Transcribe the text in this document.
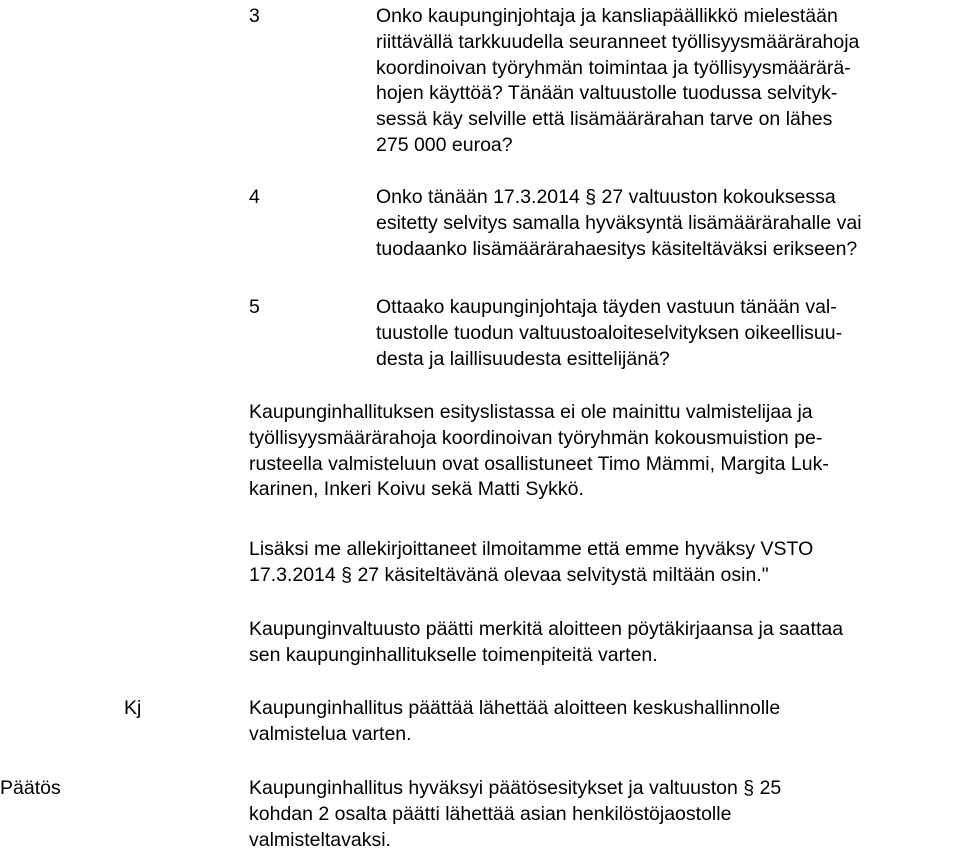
3	Onko kaupunginjohtaja ja kansliapäällikkö mielestään
riittävällä tarkkuudella seuranneet työllisyysmäärärahoja
koordinoivan työryhmän toimintaa ja työllisyysmäärärä-
hojen käyttöä? Tänään valtuustolle tuodussa selvityk-
sessä käy selville että lisämäärärahan tarve on lähes
275 000 euroa?
4	Onko tänään 17.3.2014 § 27 valtuuston kokouksessa
esitetty selvitys samalla hyväksyntä lisämäärärahalle vai
tuodaanko lisämäärärahaesitys käsiteltäväksi erikseen?
5	Ottaako kaupunginjohtaja täyden vastuun tänään val-
tuustolle tuodun valtuustoaloiteselvityksen oikeellisuu-
desta ja laillisuudesta esittelijänä?
Kaupunginhallituksen esityslistassa ei ole mainittu valmistelijaa ja
työllisyysmäärärahoja koordinoivan työryhmän kokousmuistion pe-
rusteella valmisteluun ovat osallistuneet Timo Mämmi, Margita Luk-
karinen, Inkeri Koivu sekä Matti Sykkö.
Lisäksi me allekirjoittaneet ilmoitamme että emme hyväksy VSTO
17.3.2014 § 27 käsiteltävänä olevaa selvitystä miltään osin."
Kaupunginvaltuusto päätti merkitä aloitteen pöytäkirjaansa ja saattaa
sen kaupunginhallitukselle toimenpiteitä varten.
Kj	Kaupunginhallitus päättää lähettää aloitteen keskushallinnolle
valmistelua varten.
Päätös	Kaupunginhallitus hyväksyi päätösesitykset ja valtuuston § 25
kohdan 2 osalta päätti lähettää asian henkilöstöjaostolle
valmisteltavaksi.
